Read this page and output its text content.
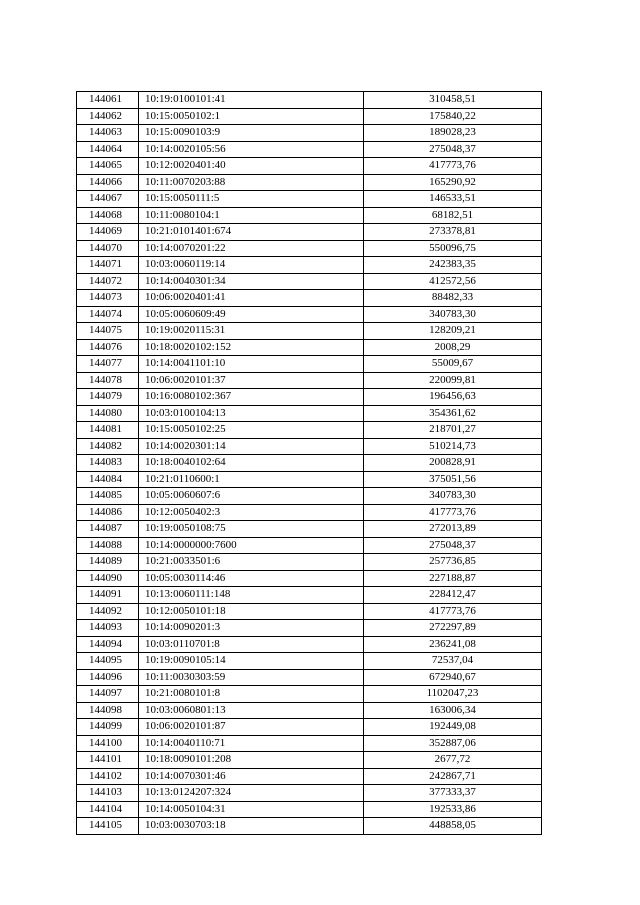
144061	10:19:0100101:41	310458,51
144062	10:15:0050102:1	175840,22
144063	10:15:0090103:9	189028,23
144064	10:14:0020105:56	275048,37
144065	10:12:0020401:40	417773,76
144066	10:11:0070203:88	165290,92
144067	10:15:0050111:5	146533,51
144068	10:11:0080104:1	68182,51
144069	10:21:0101401:674	273378,81
144070	10:14:0070201:22	550096,75
144071	10:03:0060119:14	242383,35
144072	10:14:0040301:34	412572,56
144073	10:06:0020401:41	88482,33
144074	10:05:0060609:49	340783,30
144075	10:19:0020115:31	128209,21
144076	10:18:0020102:152	2008,29
144077	10:14:0041101:10	55009,67
144078	10:06:0020101:37	220099,81
144079	10:16:0080102:367	196456,63
144080	10:03:0100104:13	354361,62
144081	10:15:0050102:25	218701,27
144082	10:14:0020301:14	510214,73
144083	10:18:0040102:64	200828,91
144084	10:21:0110600:1	375051,56
144085	10:05:0060607:6	340783,30
144086	10:12:0050402:3	417773,76
144087	10:19:0050108:75	272013,89
144088	10:14:0000000:7600	275048,37
144089	10:21:0033501:6	257736,85
144090	10:05:0030114:46	227188,87
144091	10:13:0060111:148	228412,47
144092	10:12:0050101:18	417773,76
144093	10:14:0090201:3	272297,89
144094	10:03:0110701:8	236241,08
144095	10:19:0090105:14	72537,04
144096	10:11:0030303:59	672940,67
144097	10:21:0080101:8	1102047,23
144098	10:03:0060801:13	163006,34
144099	10:06:0020101:87	192449,08
144100	10:14:0040110:71	352887,06
144101	10:18:0090101:208	2677,72
144102	10:14:0070301:46	242867,71
144103	10:13:0124207:324	377333,37
144104	10:14:0050104:31	192533,86
144105	10:03:0030703:18	448858,05
